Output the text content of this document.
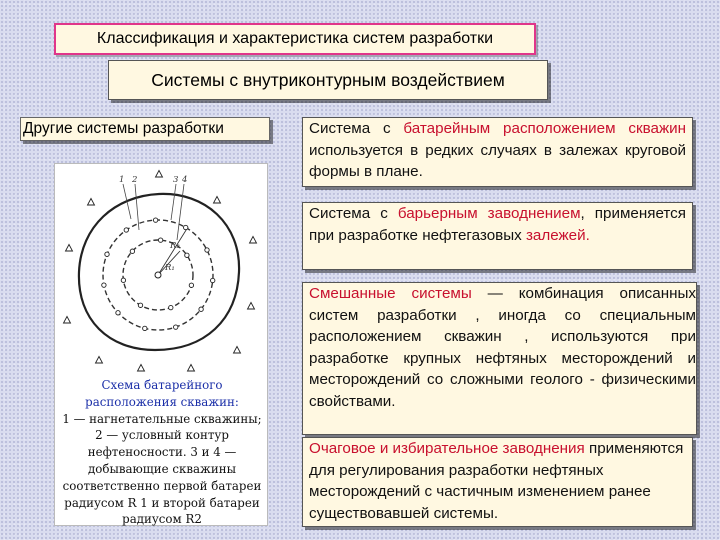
Классификация и характеристика систем разработки
Системы с внутриконтурным воздействием
Другие системы разработки
1 2	3 4
R₁
R₂
Схема батарейного расположения скважин:
1 — нагнетательные скважины;
2 — условный контур нефтеносности. 3 и 4 — добывающие скважины соответственно первой батареи радиусом R 1 и второй батареи радиусом R2
Система с батарейным расположением скважин используется в редких случаях в залежах круговой формы в плане.
Система с барьерным заводнением, применяется при разработке нефтегазовых залежей.
Смешанные системы — комбинация описанных систем разработки , иногда со специальным расположением скважин , используются при разработке крупных нефтяных месторождений и месторождений со сложными геолого - физическими свойствами.
Очаговое и избирательное заводнения применяются для регулирования разработки нефтяных месторождений с частичным изменением ранее существовавшей системы.
